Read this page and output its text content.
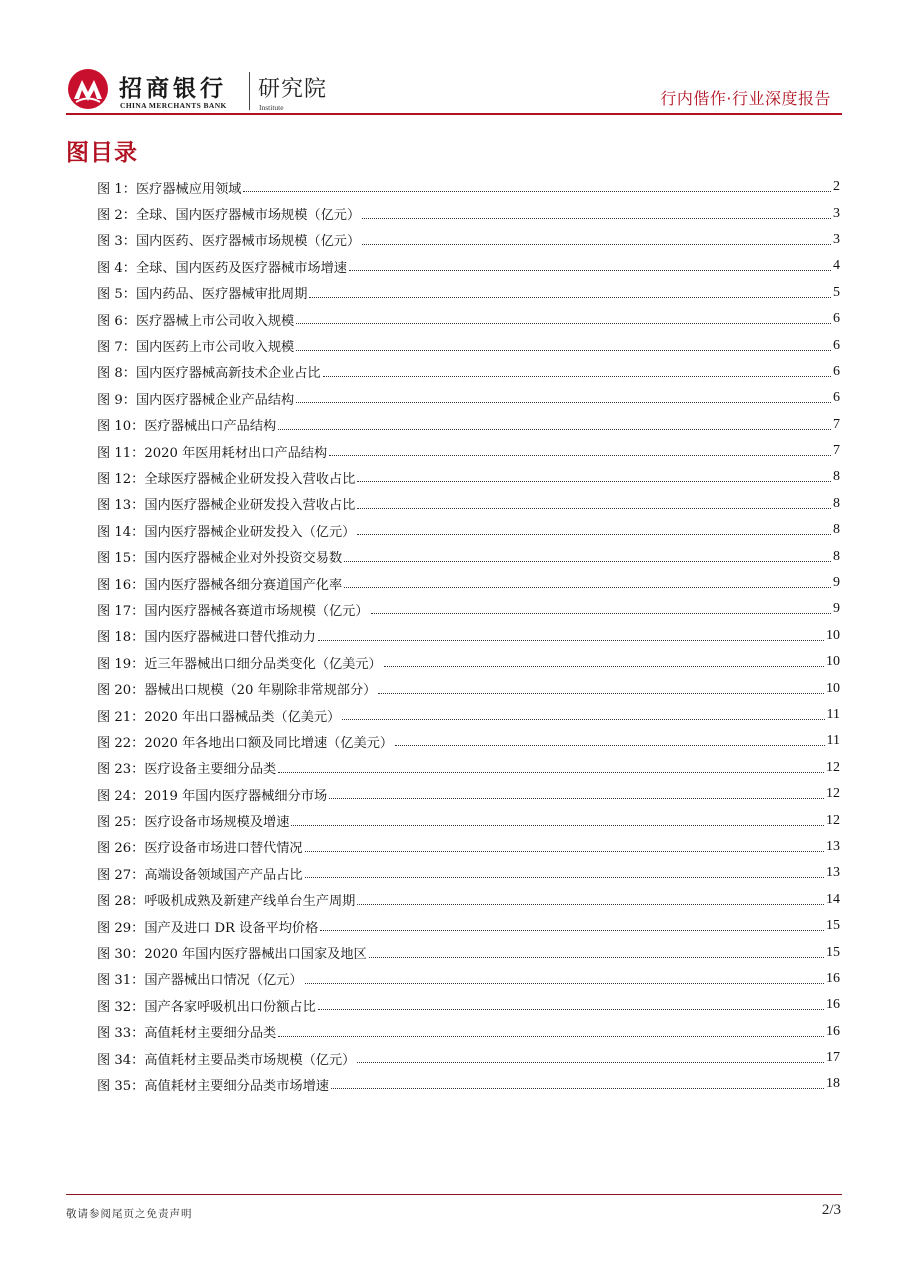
招商银行
CHINA MERCHANTS BANK
研究院
Institute	行内偕作·行业深度报告
图目录
图 1：医疗器械应用领域	2
图 2：全球、国内医疗器械市场规模（亿元）	3
图 3：国内医药、医疗器械市场规模（亿元）	3
图 4：全球、国内医药及医疗器械市场增速	4
图 5：国内药品、医疗器械审批周期	5
图 6：医疗器械上市公司收入规模	6
图 7：国内医药上市公司收入规模	6
图 8：国内医疗器械高新技术企业占比	6
图 9：国内医疗器械企业产品结构	6
图 10：医疗器械出口产品结构	7
图 11：2020 年医用耗材出口产品结构	7
图 12：全球医疗器械企业研发投入营收占比	8
图 13：国内医疗器械企业研发投入营收占比	8
图 14：国内医疗器械企业研发投入（亿元）	8
图 15：国内医疗器械企业对外投资交易数	8
图 16：国内医疗器械各细分赛道国产化率	9
图 17：国内医疗器械各赛道市场规模（亿元）	9
图 18：国内医疗器械进口替代推动力	10
图 19：近三年器械出口细分品类变化（亿美元）	10
图 20：器械出口规模（20 年剔除非常规部分）	10
图 21：2020 年出口器械品类（亿美元）	11
图 22：2020 年各地出口额及同比增速（亿美元）	11
图 23：医疗设备主要细分品类	12
图 24：2019 年国内医疗器械细分市场	12
图 25：医疗设备市场规模及增速	12
图 26：医疗设备市场进口替代情况	13
图 27：高端设备领域国产产品占比	13
图 28：呼吸机成熟及新建产线单台生产周期	14
图 29：国产及进口 DR 设备平均价格	15
图 30：2020 年国内医疗器械出口国家及地区	15
图 31：国产器械出口情况（亿元）	16
图 32：国产各家呼吸机出口份额占比	16
图 33：高值耗材主要细分品类	16
图 34：高值耗材主要品类市场规模（亿元）	17
图 35：高值耗材主要细分品类市场增速	18
敬请参阅尾页之免责声明	2/3
